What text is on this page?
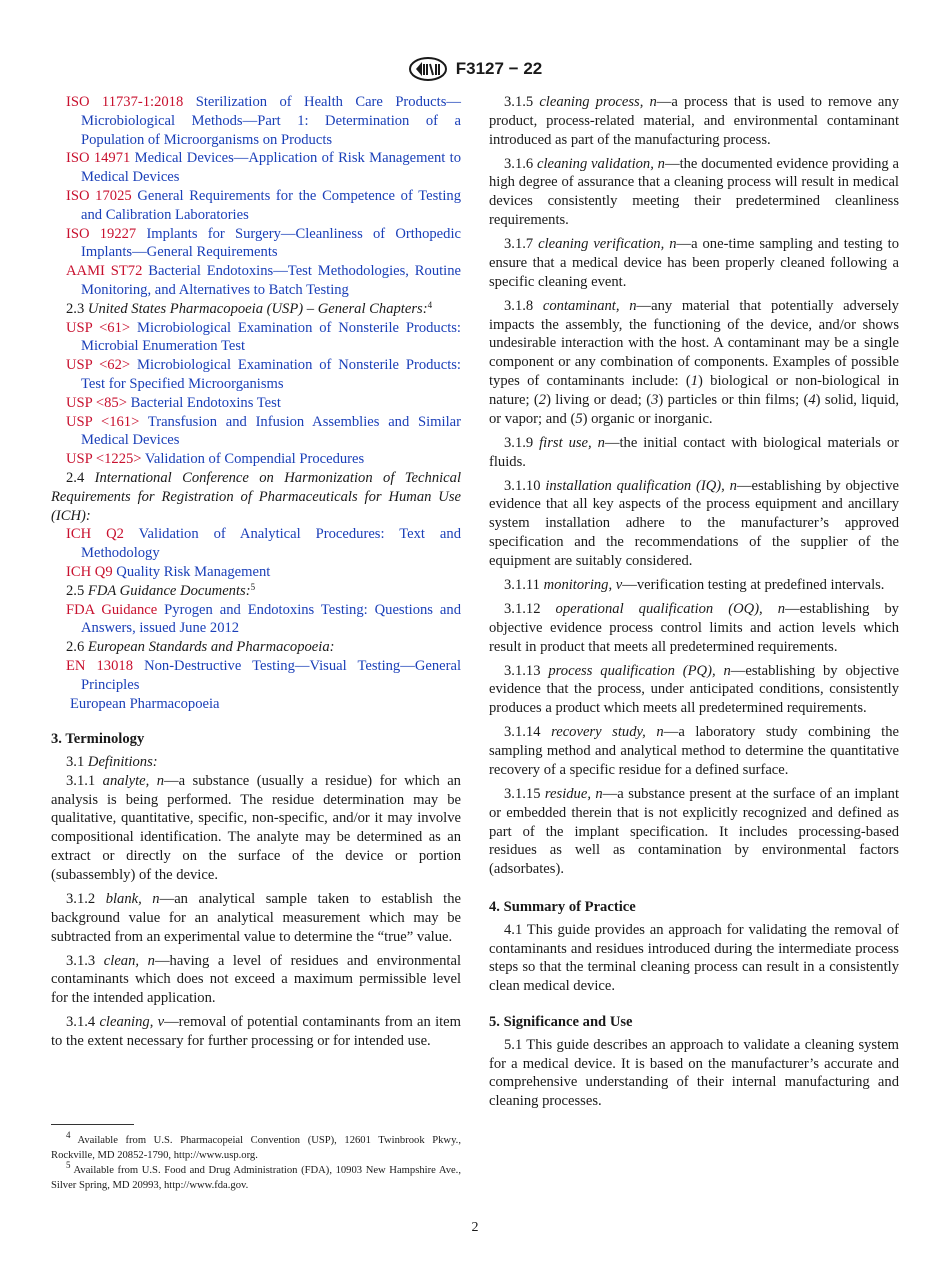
F3127 − 22

ISO 11737-1:2018 Sterilization of Health Care Products—Microbiological Methods—Part 1: Determination of a Population of Microorganisms on Products

ISO 14971 Medical Devices—Application of Risk Management to Medical Devices

ISO 17025 General Requirements for the Competence of Testing and Calibration Laboratories

ISO 19227 Implants for Surgery—Cleanliness of Orthopedic Implants—General Requirements

AAMI ST72 Bacterial Endotoxins—Test Methodologies, Routine Monitoring, and Alternatives to Batch Testing

2.3 United States Pharmacopoeia (USP) – General Chapters:$^4$

USP <61> Microbiological Examination of Nonsterile Products: Microbial Enumeration Test

USP <62> Microbiological Examination of Nonsterile Products: Test for Specified Microorganisms

USP <85> Bacterial Endotoxins Test

USP <161> Transfusion and Infusion Assemblies and Similar Medical Devices

USP <1225> Validation of Compendial Procedures

2.4 International Conference on Harmonization of Technical Requirements for Registration of Pharmaceuticals for Human Use (ICH):

ICH Q2 Validation of Analytical Procedures: Text and Methodology

ICH Q9 Quality Risk Management

2.5 FDA Guidance Documents:$^5$

FDA Guidance Pyrogen and Endotoxins Testing: Questions and Answers, issued June 2012

2.6 European Standards and Pharmacopoeia:

EN 13018 Non-Destructive Testing—Visual Testing—General Principles

European Pharmacopoeia

3. Terminology

3.1 Definitions:

3.1.1 analyte, n—a substance (usually a residue) for which an analysis is being performed. The residue determination may be qualitative, quantitative, specific, non-specific, and/or it may involve compositional identification. The analyte may be determined as an extract or directly on the surface of the device or portion (subassembly) of the device.

3.1.2 blank, n—an analytical sample taken to establish the background value for an analytical measurement which may be subtracted from an experimental value to determine the “true” value.

3.1.3 clean, n—having a level of residues and environmental contaminants which does not exceed a maximum permissible level for the intended application.

3.1.4 cleaning, v—removal of potential contaminants from an item to the extent necessary for further processing or for intended use.

$^4$ Available from U.S. Pharmacopeial Convention (USP), 12601 Twinbrook Pkwy., Rockville, MD 20852-1790, http://www.usp.org.

$^5$ Available from U.S. Food and Drug Administration (FDA), 10903 New Hampshire Ave., Silver Spring, MD 20993, http://www.fda.gov.

3.1.5 cleaning process, n—a process that is used to remove any product, process-related material, and environmental contaminant introduced as part of the manufacturing process.

3.1.6 cleaning validation, n—the documented evidence providing a high degree of assurance that a cleaning process will result in medical devices consistently meeting their predetermined cleanliness requirements.

3.1.7 cleaning verification, n—a one-time sampling and testing to ensure that a medical device has been properly cleaned following a specific cleaning event.

3.1.8 contaminant, n—any material that potentially adversely impacts the assembly, the functioning of the device, and/or shows undesirable interaction with the host. A contaminant may be a single component or any combination of components. Examples of possible types of contaminants include: (1) biological or non-biological in nature; (2) living or dead; (3) particles or thin films; (4) solid, liquid, or vapor; and (5) organic or inorganic.

3.1.9 first use, n—the initial contact with biological materials or fluids.

3.1.10 installation qualification (IQ), n—establishing by objective evidence that all key aspects of the process equipment and ancillary system installation adhere to the manufacturer’s approved specification and the recommendations of the supplier of the equipment are suitably considered.

3.1.11 monitoring, v—verification testing at predefined intervals.

3.1.12 operational qualification (OQ), n—establishing by objective evidence process control limits and action levels which result in product that meets all predetermined requirements.

3.1.13 process qualification (PQ), n—establishing by objective evidence that the process, under anticipated conditions, consistently produces a product which meets all predetermined requirements.

3.1.14 recovery study, n—a laboratory study combining the sampling method and analytical method to determine the quantitative recovery of a specific residue for a defined surface.

3.1.15 residue, n—a substance present at the surface of an implant or embedded therein that is not explicitly recognized and defined as part of the implant specification. It includes processing-based residues as well as contamination by environmental factors (adsorbates).

4. Summary of Practice

4.1 This guide provides an approach for validating the removal of contaminants and residues introduced during the intermediate process steps so that the terminal cleaning process can result in a consistently clean medical device.

5. Significance and Use

5.1 This guide describes an approach to validate a cleaning system for a medical device. It is based on the manufacturer’s accurate and comprehensive understanding of their internal manufacturing and cleaning processes.

2
